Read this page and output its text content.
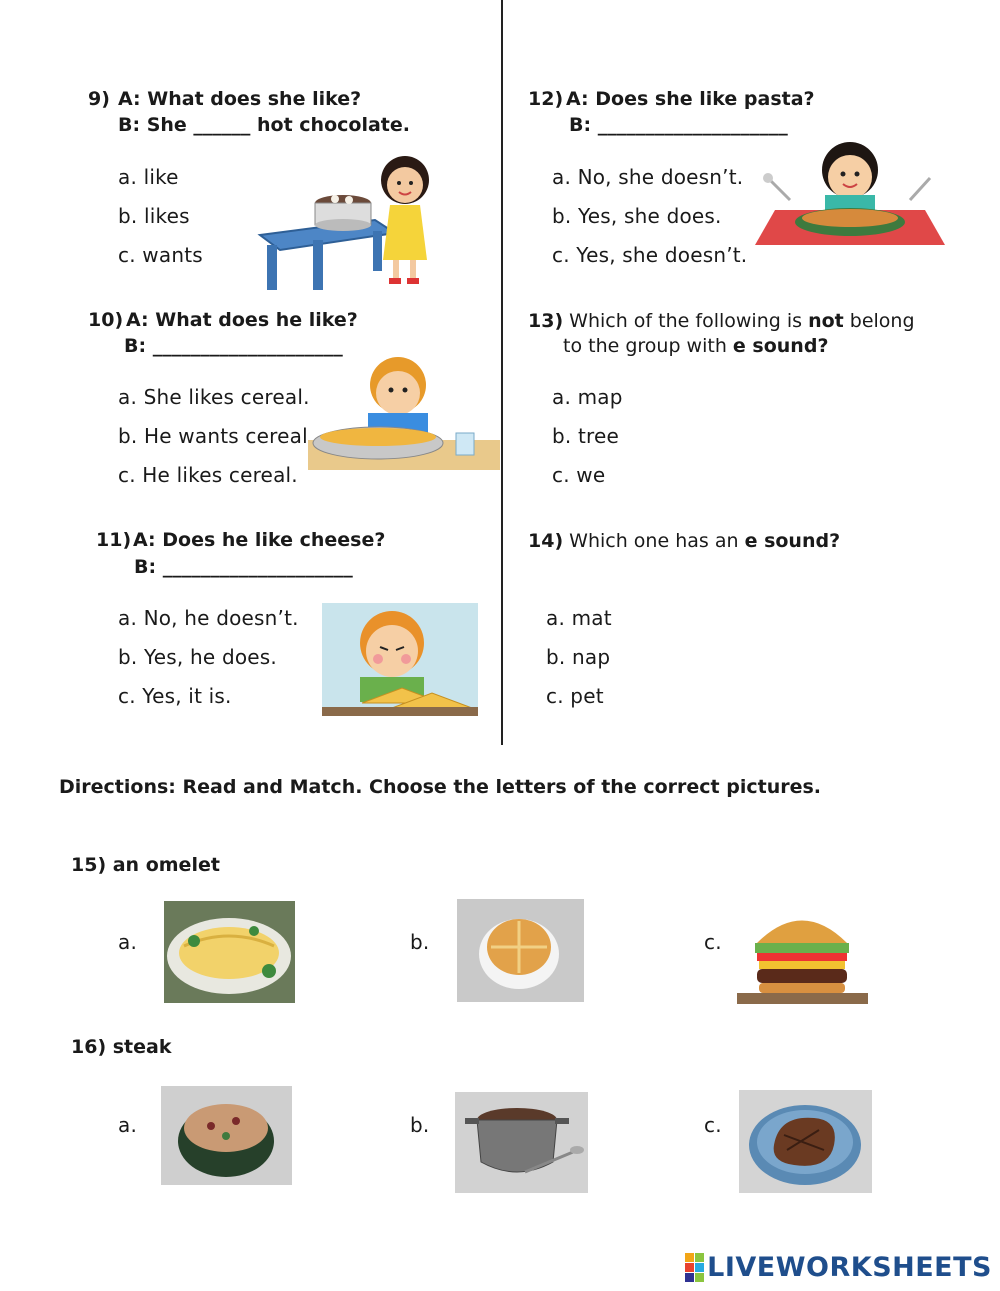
9) A: What does she like?
B: She ______ hot chocolate.
a. like
b. likes
c. wants
10) A: What does he like?
B: ____________________
a. She likes cereal.
b. He wants cereal
c. He likes cereal.
11) A: Does he like cheese?
B: ____________________
a. No, he doesn’t.
b. Yes, he does.
c. Yes, it is.
12) A: Does she like pasta?
B: ____________________
a. No, she doesn’t.
b. Yes, she does.
c. Yes, she doesn’t.
13) Which of the following is not belong
to the group with e sound?
a. map
b. tree
c. we
14) Which one has an e sound?
a. mat
b. nap
c. pet
Directions: Read and Match. Choose the letters of the correct pictures.
15) an omelet
a.	b.	c.
16) steak
a.	b.	c.
LIVEWORKSHEETS
